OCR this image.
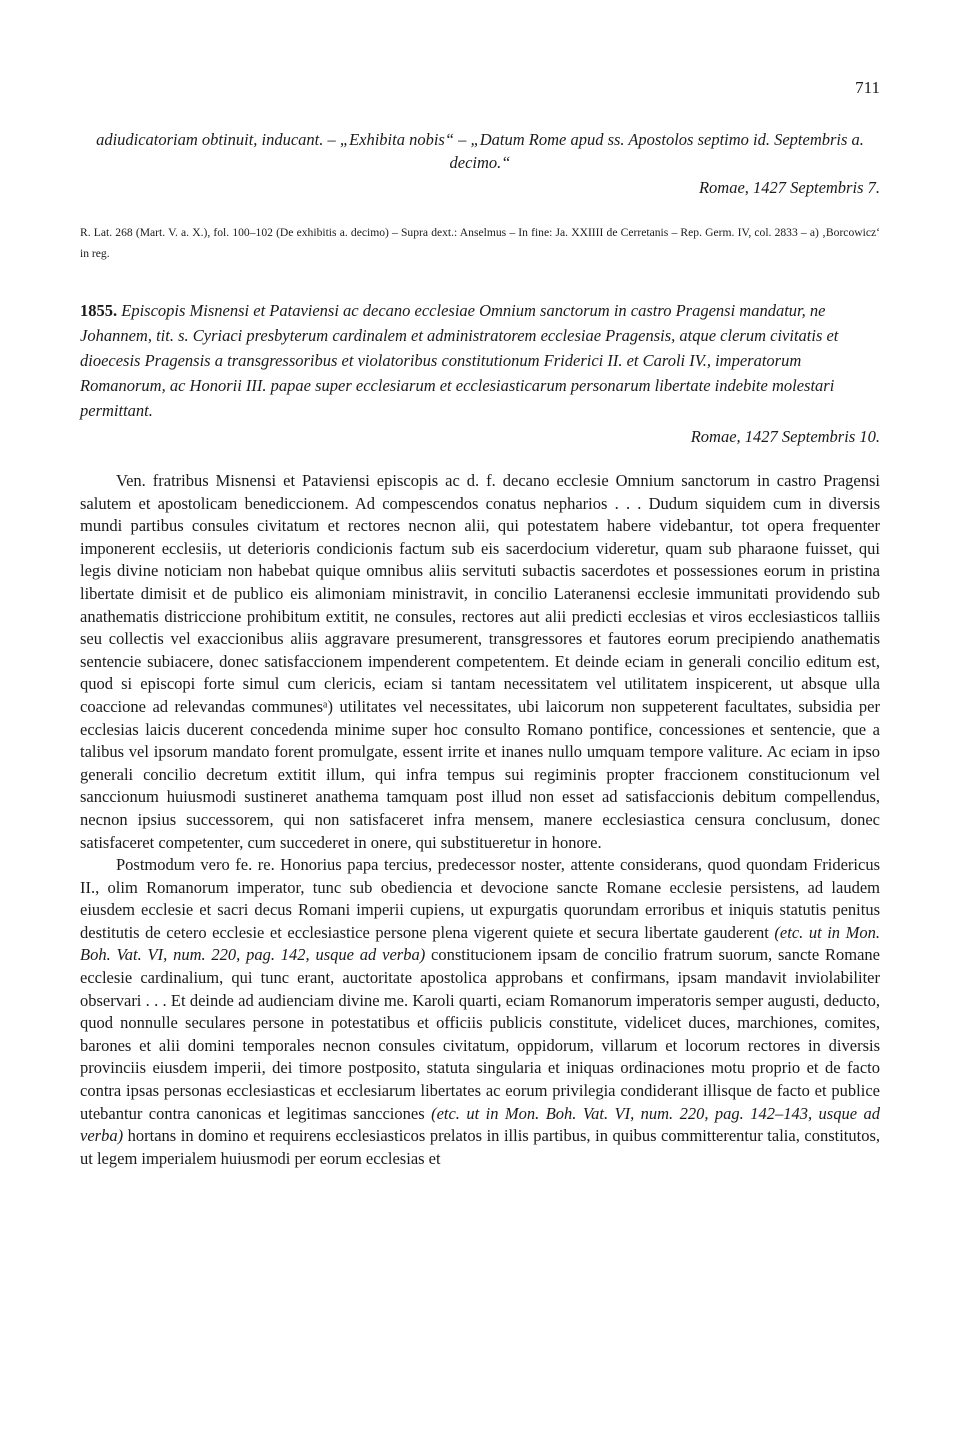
711
adiudicatoriam obtinuit, inducant. – „Exhibita nobis“ – „Datum Rome apud ss. Apostolos septimo id. Septembris a. decimo.“
Romae, 1427 Septembris 7.
R. Lat. 268 (Mart. V. a. X.), fol. 100–102 (De exhibitis a. decimo) – Supra dext.: Anselmus – In fine: Ja. XXIIII de Cerretanis – Rep. Germ. IV, col. 2833 – a) ‚Borcowicz‘ in reg.
1855. Episcopis Misnensi et Pataviensi ac decano ecclesiae Omnium sanctorum in castro Pragensi mandatur, ne Johannem, tit. s. Cyriaci presbyterum cardinalem et administratorem ecclesiae Pragensis, atque clerum civitatis et dioecesis Pragensis a transgressoribus et violatoribus constitutionum Friderici II. et Caroli IV., imperatorum Romanorum, ac Honorii III. papae super ecclesiarum et ecclesiasticarum personarum libertate indebite molestari permittant.
Romae, 1427 Septembris 10.

Ven. fratribus Misnensi et Pataviensi episcopis ac d. f. decano ecclesie Omnium sanctorum in castro Pragensi salutem et apostolicam benediccionem. Ad compescendos conatus nepharios . . . Dudum siquidem cum in diversis mundi partibus consules civitatum et rectores necnon alii, qui potestatem habere videbantur, tot opera frequenter imponerent ecclesiis, ut deterioris condicionis factum sub eis sacerdocium videretur, quam sub pharaone fuisset, qui legis divine noticiam non habebat quique omnibus aliis servituti subactis sacerdotes et possessiones eorum in pristina libertate dimisit et de publico eis alimoniam ministravit, in concilio Lateranensi ecclesie immunitati providendo sub anathematis districcione prohibitum extitit, ne consules, rectores aut alii predicti ecclesias et viros ecclesiasticos talliis seu collectis vel exaccionibus aliis aggravare presumerent, transgressores et fautores eorum precipiendo anathematis sentencie subiacere, donec satisfaccionem impenderent competentem. Et deinde eciam in generali concilio editum est, quod si episcopi forte simul cum clericis, eciam si tantam necessitatem vel utilitatem inspicerent, ut absque ulla coaccione ad relevandas communesᵃ) utilitates vel necessitates, ubi laicorum non suppeterent facultates, subsidia per ecclesias laicis ducerent concedenda minime super hoc consulto Romano pontifice, concessiones et sentencie, que a talibus vel ipsorum mandato forent promulgate, essent irrite et inanes nullo umquam tempore valiture. Ac eciam in ipso generali concilio decretum extitit illum, qui infra tempus sui regiminis propter fraccionem constitucionum vel sanccionum huiusmodi sustineret anathema tamquam post illud non esset ad satisfaccionis debitum compellendus, necnon ipsius successorem, qui non satisfaceret infra mensem, manere ecclesiastica censura conclusum, donec satisfaceret competenter, cum succederet in onere, qui substitueretur in honore.

Postmodum vero fe. re. Honorius papa tercius, predecessor noster, attente considerans, quod quondam Fridericus II., olim Romanorum imperator, tunc sub obediencia et devocione sancte Romane ecclesie persistens, ad laudem eiusdem ecclesie et sacri decus Romani imperii cupiens, ut expurgatis quorundam erroribus et iniquis statutis penitus destitutis de cetero ecclesie et ecclesiastice persone plena vigerent quiete et secura libertate gauderent (etc. ut in Mon. Boh. Vat. VI, num. 220, pag. 142, usque ad verba) constitucionem ipsam de concilio fratrum suorum, sancte Romane ecclesie cardinalium, qui tunc erant, auctoritate apostolica approbans et confirmans, ipsam mandavit inviolabiliter observari . . . Et deinde ad audienciam divine me. Karoli quarti, eciam Romanorum imperatoris semper augusti, deducto, quod nonnulle seculares persone in potestatibus et officiis publicis constitute, videlicet duces, marchiones, comites, barones et alii domini temporales necnon consules civitatum, oppidorum, villarum et locorum rectores in diversis provinciis eiusdem imperii, dei timore postposito, statuta singularia et iniquas ordinaciones motu proprio et de facto contra ipsas personas ecclesiasticas et ecclesiarum libertates ac eorum privilegia condiderant illisque de facto et publice utebantur contra canonicas et legitimas sancciones (etc. ut in Mon. Boh. Vat. VI, num. 220, pag. 142–143, usque ad verba) hortans in domino et requirens ecclesiasticos prelatos in illis partibus, in quibus committerentur talia, constitutos, ut legem imperialem huiusmodi per eorum ecclesias et
